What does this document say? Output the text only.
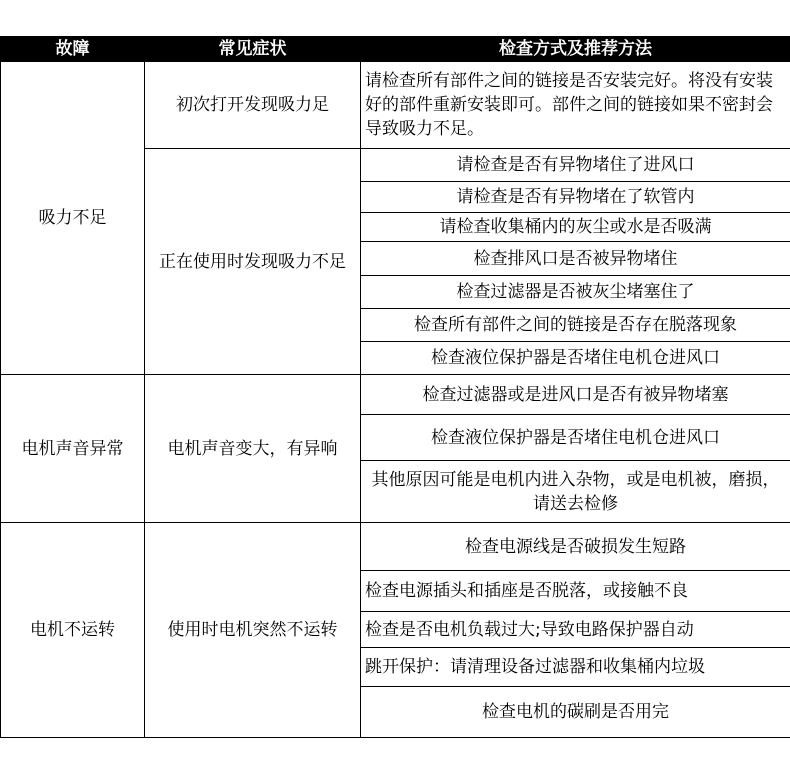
故障	常见症状	检查方式及推荐方法
吸力不足	初次打开发现吸力足	请检查所有部件之间的链接是否安装完好。将没有安装好的部件重新安装即可。部件之间的链接如果不密封会导致吸力不足。
	正在使用时发现吸力不足	请检查是否有异物堵住了进风口
		请检查是否有异物堵在了软管内
		请检查收集桶内的灰尘或水是否吸满
		检查排风口是否被异物堵住
		检查过滤器是否被灰尘堵塞住了
		检查所有部件之间的链接是否存在脱落现象
		检查液位保护器是否堵住电机仓进风口
电机声音异常	电机声音变大，有异响	检查过滤器或是进风口是否有被异物堵塞
		检查液位保护器是否堵住电机仓进风口
		其他原因可能是电机内进入杂物，或是电机被，磨损，请送去检修
电机不运转	使用时电机突然不运转	检查电源线是否破损发生短路
		检查电源插头和插座是否脱落，或接触不良
		检查是否电机负载过大;导致电路保护器自动
		跳开保护：请清理设备过滤器和收集桶内垃圾
		检查电机的碳刷是否用完
